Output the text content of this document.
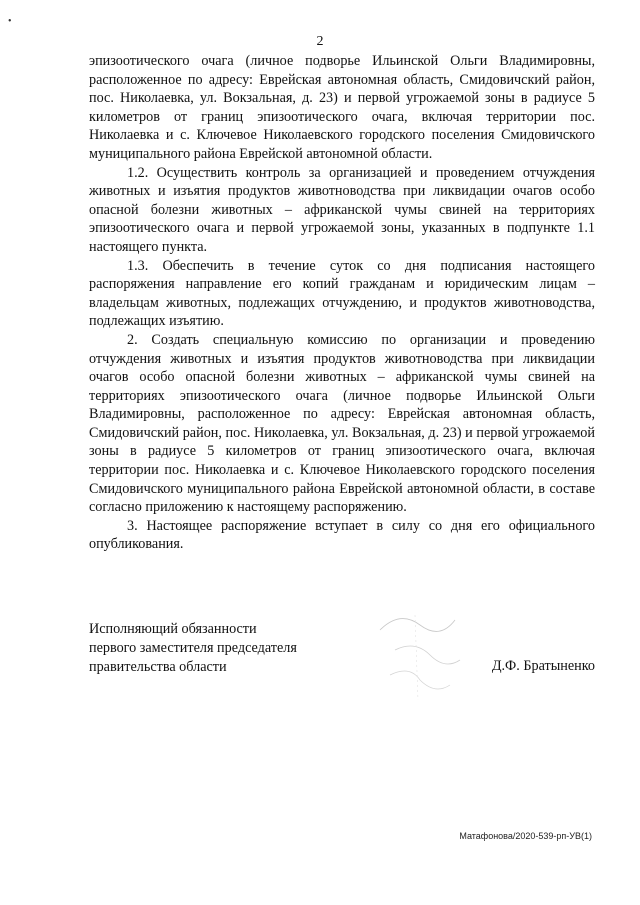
•
2

эпизоотического очага (личное подворье Ильинской Ольги Владимировны, расположенное по адресу: Еврейская автономная область, Смидовичский район, пос. Николаевка, ул. Вокзальная, д. 23) и первой угрожаемой зоны в радиусе 5 километров от границ эпизоотического очага, включая территории пос. Николаевка и с. Ключевое Николаевского городского поселения Смидовичского муниципального района Еврейской автономной области.

1.2. Осуществить контроль за организацией и проведением отчуждения животных и изъятия продуктов животноводства при ликвидации очагов особо опасной болезни животных – африканской чумы свиней на территориях эпизоотического очага и первой угрожаемой зоны, указанных в подпункте 1.1 настоящего пункта.

1.3. Обеспечить в течение суток со дня подписания настоящего распоряжения направление его копий гражданам и юридическим лицам – владельцам животных, подлежащих отчуждению, и продуктов животноводства, подлежащих изъятию.

2. Создать специальную комиссию по организации и проведению отчуждения животных и изъятия продуктов животноводства при ликвидации очагов особо опасной болезни животных – африканской чумы свиней на территориях эпизоотического очага (личное подворье Ильинской Ольги Владимировны, расположенное по адресу: Еврейская автономная область, Смидовичский район, пос. Николаевка, ул. Вокзальная, д. 23) и первой угрожаемой зоны в радиусе 5 километров от границ эпизоотического очага, включая территории пос. Николаевка и с. Ключевое Николаевского городского поселения Смидовичского муниципального района Еврейской автономной области, в составе согласно приложению к настоящему распоряжению.

3. Настоящее распоряжение вступает в силу со дня его официального опубликования.

Исполняющий обязанности
первого заместителя председателя
правительства области	Д.Ф. Братыненко
Матафонова/2020-539-рп-УВ(1)
